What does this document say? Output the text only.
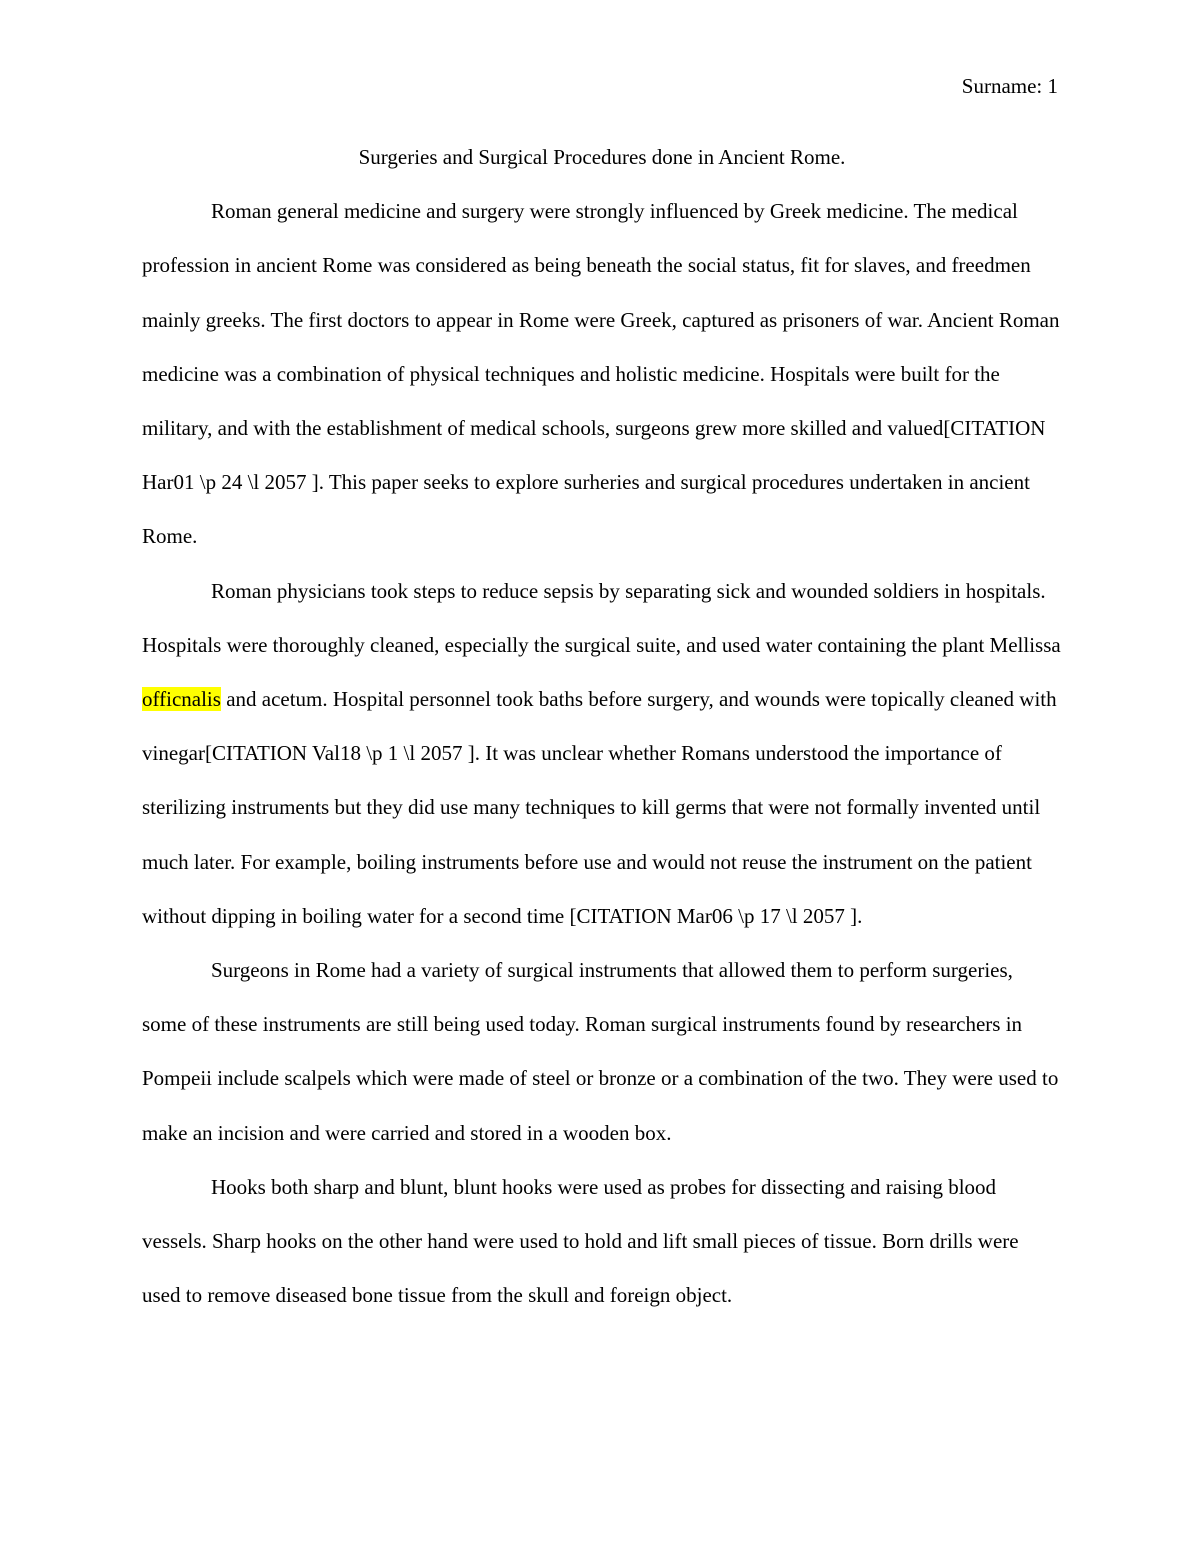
Surname: 1

Surgeries and Surgical Procedures done in Ancient Rome.

Roman general medicine and surgery were strongly influenced by Greek medicine. The medical profession in ancient Rome was considered as being beneath the social status, fit for slaves, and freedmen mainly greeks. The first doctors to appear in Rome were Greek, captured as prisoners of war. Ancient Roman medicine was a combination of physical techniques and holistic medicine. Hospitals were built for the military, and with the establishment of medical schools, surgeons grew more skilled and valued[CITATION Har01 \p 24 \l 2057 ]. This paper seeks to explore surheries and surgical procedures undertaken in ancient Rome.

Roman physicians took steps to reduce sepsis by separating sick and wounded soldiers in hospitals. Hospitals were thoroughly cleaned, especially the surgical suite, and used water containing the plant Mellissa officnalis and acetum. Hospital personnel took baths before surgery, and wounds were topically cleaned with vinegar[CITATION Val18 \p 1 \l 2057 ]. It was unclear whether Romans understood the importance of sterilizing instruments but they did use many techniques to kill germs that were not formally invented until much later. For example, boiling instruments before use and would not reuse the instrument on the patient without dipping in boiling water for a second time [CITATION Mar06 \p 17 \l 2057 ].

Surgeons in Rome had a variety of surgical instruments that allowed them to perform surgeries, some of these instruments are still being used today. Roman surgical instruments found by researchers in Pompeii include scalpels which were made of steel or bronze or a combination of the two. They were used to make an incision and were carried and stored in a wooden box.

Hooks both sharp and blunt, blunt hooks were used as probes for dissecting and raising blood vessels. Sharp hooks on the other hand were used to hold and lift small pieces of tissue. Born drills were used to remove diseased bone tissue from the skull and foreign object.
